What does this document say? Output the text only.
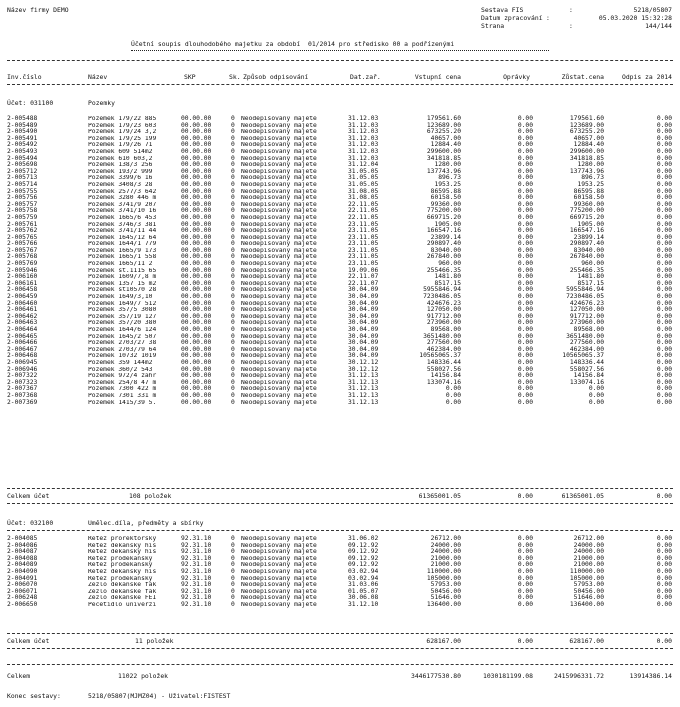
Název firmy DEMO	Sestava FIS	:	5218/05807
Datum zpracování :	05.03.2020 15:32:28
Strana	:	144/144
Účetní soupis dlouhodobého majetku za období  01/2014 pro středisko 00 a podřízenými
Inv.číslo	Název	SKP	Sk. Způsob odpisování	Dat.zař.	Vstupní cena	Oprávky	Zůstat.cena	Odpis za 2014
Účet: 031100	Pozemky
2-005488	Pozemek 179/22 885	00.00.00	0 Neodepisovaný majete	31.12.03	179561.60	0.00	179561.60	0.00
2-005489	Pozemek 179/23 603	00.00.00	0 Neodepisovaný majete	31.12.03	123689.00	0.00	123689.00	0.00
2-005490	Pozemek 179/24 3,2	00.00.00	0 Neodepisovaný majete	31.12.03	673255.20	0.00	673255.20	0.00
2-005491	Pozemek 179/25 199	00.00.00	0 Neodepisovaný majete	31.12.03	40657.00	0.00	40657.00	0.00
2-005492	Pozemek 179/26 71	00.00.00	0 Neodepisovaný majete	31.12.03	12884.40	0.00	12884.40	0.00
2-005493	Pozemek 609 514m2	00.00.00	0 Neodepisovaný majete	31.12.03	299600.00	0.00	299600.00	0.00
2-005494	Pozemek 610 603,2	00.00.00	0 Neodepisovaný majete	31.12.03	341818.85	0.00	341818.85	0.00
2-005698	Pozemek 138/3 256	00.00.00	0 Neodepisovaný majete	31.12.04	1280.00	0.00	1280.00	0.00
2-005712	Pozemek 193/2 999	00.00.00	0 Neodepisovaný majete	31.05.05	137743.96	0.00	137743.96	0.00
2-005713	Pozemek 3399/6 16	00.00.00	0 Neodepisovaný majete	31.05.05	896.73	0.00	896.73	0.00
2-005714	Pozemek 3408/3 28	00.00.00	0 Neodepisovaný majete	31.05.05	1953.25	0.00	1953.25	0.00
2-005755	Pozemek 2577/3 642	00.00.00	0 Neodepisovaný majete	31.08.05	86595.88	0.00	86595.88	0.00
2-005756	Pozemek 3280 446 m	00.00.00	0 Neodepisovaný majete	31.08.05	60158.50	0.00	60158.50	0.00
2-005757	Pozemek 3741/9 207	00.00.00	0 Neodepisovaný majete	22.11.05	99360.00	0.00	99360.00	0.00
2-005758	Pozemek 3741/10 16	00.00.00	0 Neodepisovaný majete	22.11.05	775200.00	0.00	775200.00	0.00
2-005759	Pozemek 1665/6 453	00.00.00	0 Neodepisovaný majete	22.11.05	669715.20	0.00	669715.20	0.00
2-005761	Pozemek 3746/3 381	00.00.00	0 Neodepisovaný majete	23.11.05	1905.00	0.00	1905.00	0.00
2-005762	Pozemek 3741/11 44	00.00.00	0 Neodepisovaný majete	23.11.05	166547.16	0.00	166547.16	0.00
2-005765	Pozemek 1645/12 64	00.00.00	0 Neodepisovaný majete	23.11.05	23899.14	0.00	23899.14	0.00
2-005766	Pozemek 1644/1 779	00.00.00	0 Neodepisovaný majete	23.11.05	290897.40	0.00	290897.40	0.00
2-005767	Pozemek 1665/9 173	00.00.00	0 Neodepisovaný majete	23.11.05	83040.00	0.00	83040.00	0.00
2-005768	Pozemek 1665/1 558	00.00.00	0 Neodepisovaný majete	23.11.05	267840.00	0.00	267840.00	0.00
2-005769	Pozemek 1665/11 2	00.00.00	0 Neodepisovaný majete	23.11.05	960.00	0.00	960.00	0.00
2-005946	Pozemek st.1115 65	00.00.00	0 Neodepisovaný majete	19.09.06	255466.35	0.00	255466.35	0.00
2-006160	Pozemek 1609/7,8 m	00.00.00	0 Neodepisovaný majete	22.11.07	1481.80	0.00	1481.80	0.00
2-006161	Pozemek 1357 15 m2	00.00.00	0 Neodepisovaný majete	22.11.07	8517.15	0.00	8517.15	0.00
2-006458	Pozemek st10570 28	00.00.00	0 Neodepisovaný majete	30.04.09	5955846.94	0.00	5955846.94	0.00
2-006459	Pozemek 1649/3,10	00.00.00	0 Neodepisovaný majete	30.04.09	7230486.05	0.00	7230486.05	0.00
2-006460	Pozemek 1649/7 512	00.00.00	0 Neodepisovaný majete	30.04.09	424676.23	0.00	424676.23	0.00
2-006461	Pozemek 357/5 3080	00.00.00	0 Neodepisovaný majete	30.04.09	127050.00	0.00	127050.00	0.00
2-006462	Pozemek 357/19 127	00.00.00	0 Neodepisovaný majete	30.04.09	917712.00	0.00	917712.00	0.00
2-006463	Pozemek 357/20 380	00.00.00	0 Neodepisovaný majete	30.04.09	273960.00	0.00	273960.00	0.00
2-006464	Pozemek 1644/6 124	00.00.00	0 Neodepisovaný majete	30.04.09	89568.00	0.00	89568.00	0.00
2-006465	Pozemek 1645/2 507	00.00.00	0 Neodepisovaný majete	30.04.09	3651480.00	0.00	3651480.00	0.00
2-006466	Pozemek 2703/27 38	00.00.00	0 Neodepisovaný majete	30.04.09	277560.00	0.00	277560.00	0.00
2-006467	Pozemek 2703/79 64	00.00.00	0 Neodepisovaný majete	30.04.09	462384.00	0.00	462384.00	0.00
2-006468	Pozemek 10732 1019	00.00.00	0 Neodepisovaný majete	30.04.09	10565065.37	0.00	10565065.37	0.00
2-006945	Pozemek 359 144m2	00.00.00	0 Neodepisovaný majete	30.12.12	148336.44	0.00	148336.44	0.00
2-006946	Pozemek 360/2 543	00.00.00	0 Neodepisovaný majete	30.12.12	558027.56	0.00	558027.56	0.00
2-007322	Pozemek 972/4 zahr	00.00.00	0 Neodepisovaný majete	31.12.13	14156.84	0.00	14156.84	0.00
2-007323	Pozemek 254/8 47 m	00.00.00	0 Neodepisovaný majete	31.12.13	133074.16	0.00	133074.16	0.00
2-007367	Pozemek 7300 422 m	00.00.00	0 Neodepisovaný majete	31.12.13	0.00	0.00	0.00	0.00
2-007368	Pozemek 7301 331 m	00.00.00	0 Neodepisovaný majete	31.12.13	0.00	0.00	0.00	0.00
2-007369	Pozemek 1415/39 5.	00.00.00	0 Neodepisovaný majete	31.12.13	0.00	0.00	0.00	0.00
Celkem účet	108 položek	61365001.05	0.00	61365001.05	0.00
Účet: 032100	Umělec.díla, předměty a sbírky
2-004085	Řetěz prorektorský	92.31.10	0 Neodepisovaný majete	31.06.02	26712.00	0.00	26712.00	0.00
2-004086	Řetěz děkanský his	92.31.10	0 Neodepisovaný majete	09.12.92	24000.00	0.00	24000.00	0.00
2-004087	Řetěz děkanský his	92.31.10	0 Neodepisovaný majete	09.12.92	24000.00	0.00	24000.00	0.00
2-004088	Řetěz proděkanský	92.31.10	0 Neodepisovaný majete	09.12.92	21000.00	0.00	21000.00	0.00
2-004089	Řetěz proděkanský	92.31.10	0 Neodepisovaný majete	09.12.92	21000.00	0.00	21000.00	0.00
2-004090	Řetěz děkanský his	92.31.10	0 Neodepisovaný majete	03.02.94	110000.00	0.00	110000.00	0.00
2-004091	Řetěz proděkanský	92.31.10	0 Neodepisovaný majete	03.02.94	105000.00	0.00	105000.00	0.00
2-006070	Žezlo děkanské fak	92.31.10	0 Neodepisovaný majete	31.03.06	57953.00	0.00	57953.00	0.00
2-006071	Žezlo děkanské fak	92.31.10	0 Neodepisovaný majete	01.05.07	50456.00	0.00	50456.00	0.00
2-006248	Žezlo děkanské FEI	92.31.10	0 Neodepisovaný majete	30.06.08	51646.00	0.00	51646.00	0.00
2-006650	Pečetidlo univerzi	92.31.10	0 Neodepisovaný majete	31.12.10	136400.00	0.00	136400.00	0.00
Celkem účet	11 položek	628167.00	0.00	628167.00	0.00
Celkem	11022 položek	3446177530.80	1030181199.08	2415996331.72	13914386.14
Konec sestavy:	5218/05807(MJMZ04) - Uživatel:FISTEST
